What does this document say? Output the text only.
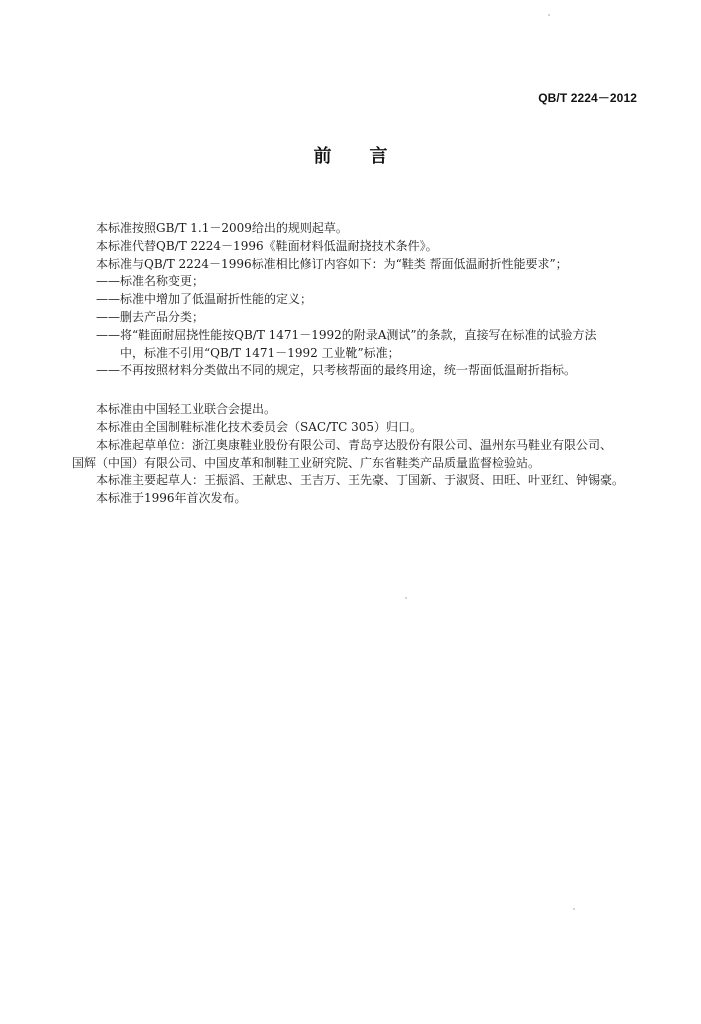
QB/T 2224－2012
前 言
本标准按照GB/T 1.1－2009给出的规则起草。
本标准代替QB/T 2224－1996《鞋面材料低温耐挠技术条件》。
本标准与QB/T 2224－1996标准相比修订内容如下：为“鞋类 帮面低温耐折性能要求”；
——标准名称变更；
——标准中增加了低温耐折性能的定义；
——删去产品分类；
——将“鞋面耐屈挠性能按QB/T 1471－1992的附录A测试”的条款，直接写在标准的试验方法
中，标准不引用“QB/T 1471－1992 工业靴”标准；
——不再按照材料分类做出不同的规定，只考核帮面的最终用途，统一帮面低温耐折指标。
本标准由中国轻工业联合会提出。
本标准由全国制鞋标准化技术委员会（SAC/TC 305）归口。
本标准起草单位：浙江奥康鞋业股份有限公司、青岛亨达股份有限公司、温州东马鞋业有限公司、
国辉（中国）有限公司、中国皮革和制鞋工业研究院、广东省鞋类产品质量监督检验站。
本标准主要起草人：王振滔、王献忠、王吉万、王先豪、丁国新、于淑贤、田旺、叶亚红、钟锡豪。
本标准于1996年首次发布。
